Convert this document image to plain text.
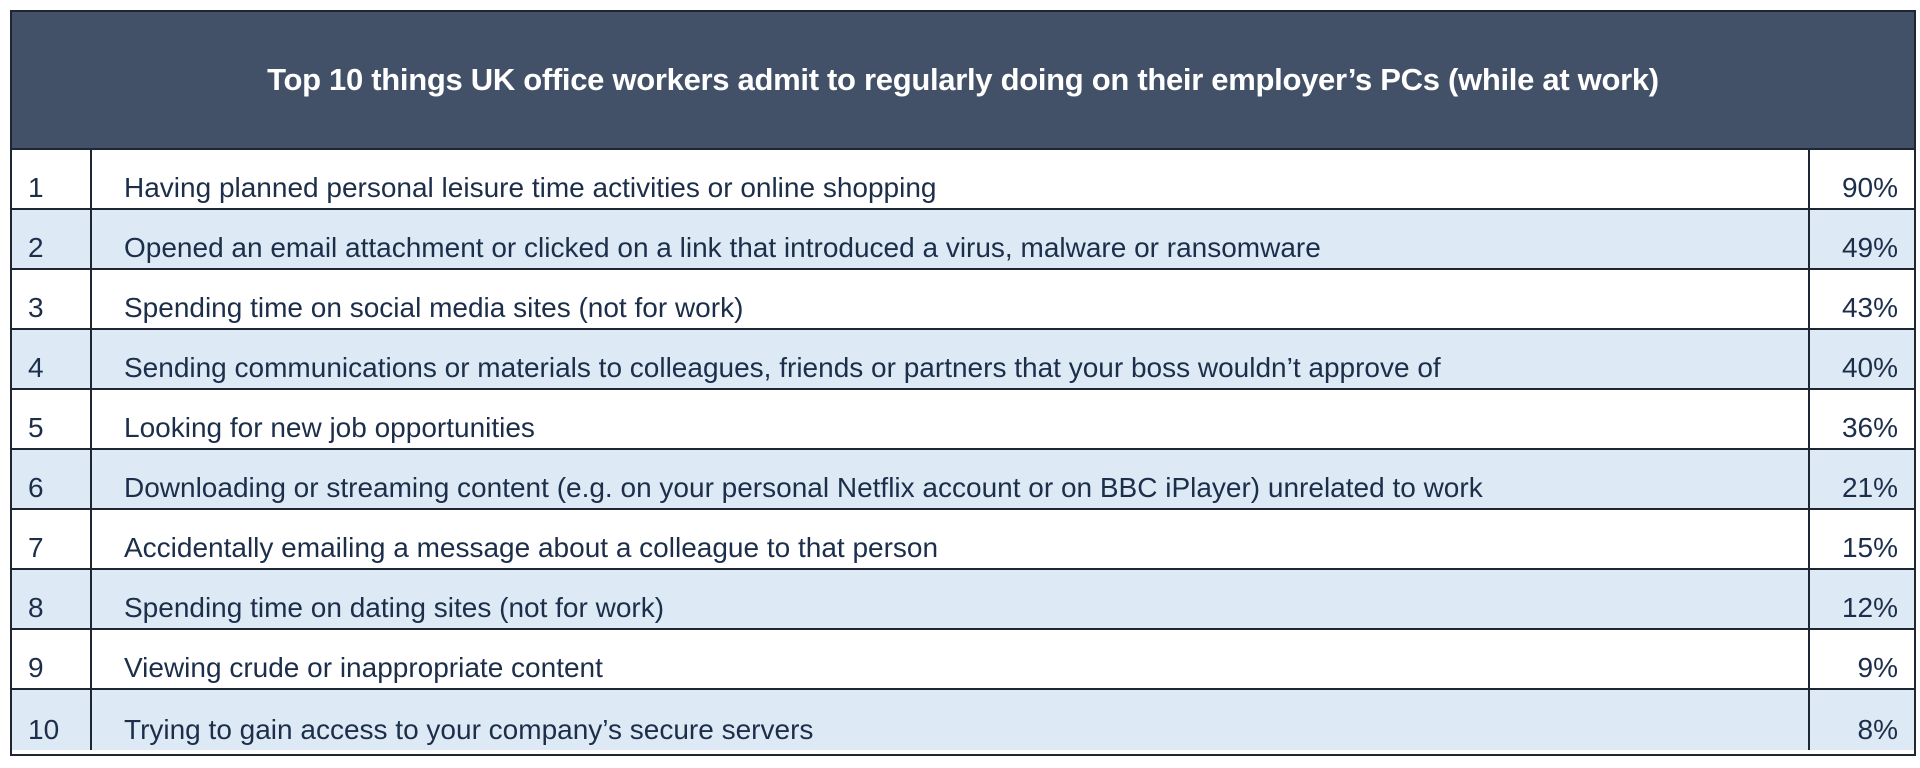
Top 10 things UK office workers admit to regularly doing on their employer’s PCs (while at work)
1	Having planned personal leisure time activities or online shopping	90%
2	Opened an email attachment or clicked on a link that introduced a virus, malware or ransomware	49%
3	Spending time on social media sites (not for work)	43%
4	Sending communications or materials to colleagues, friends or partners that your boss wouldn’t approve of	40%
5	Looking for new job opportunities	36%
6	Downloading or streaming content (e.g. on your personal Netflix account or on BBC iPlayer) unrelated to work	21%
7	Accidentally emailing a message about a colleague to that person	15%
8	Spending time on dating sites (not for work)	12%
9	Viewing crude or inappropriate content	9%
10	Trying to gain access to your company’s secure servers	8%
